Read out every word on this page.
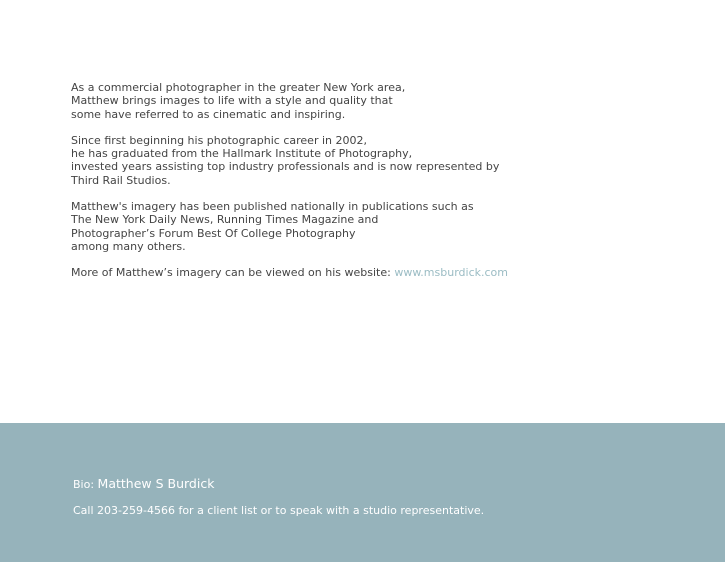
As a commercial photographer in the greater New York area,
Matthew brings images to life with a style and quality that
some have referred to as cinematic and inspiring.

Since first beginning his photographic career in 2002,
he has graduated from the Hallmark Institute of Photography,
invested years assisting top industry professionals and is now represented by
Third Rail Studios.

Matthew's imagery has been published nationally in publications such as
The New York Daily News, Running Times Magazine and
Photographer’s Forum Best Of College Photography
among many others.

More of Matthew’s imagery can be viewed on his website: www.msburdick.com

Bio: Matthew S Burdick
Call 203-259-4566 for a client list or to speak with a studio representative.
